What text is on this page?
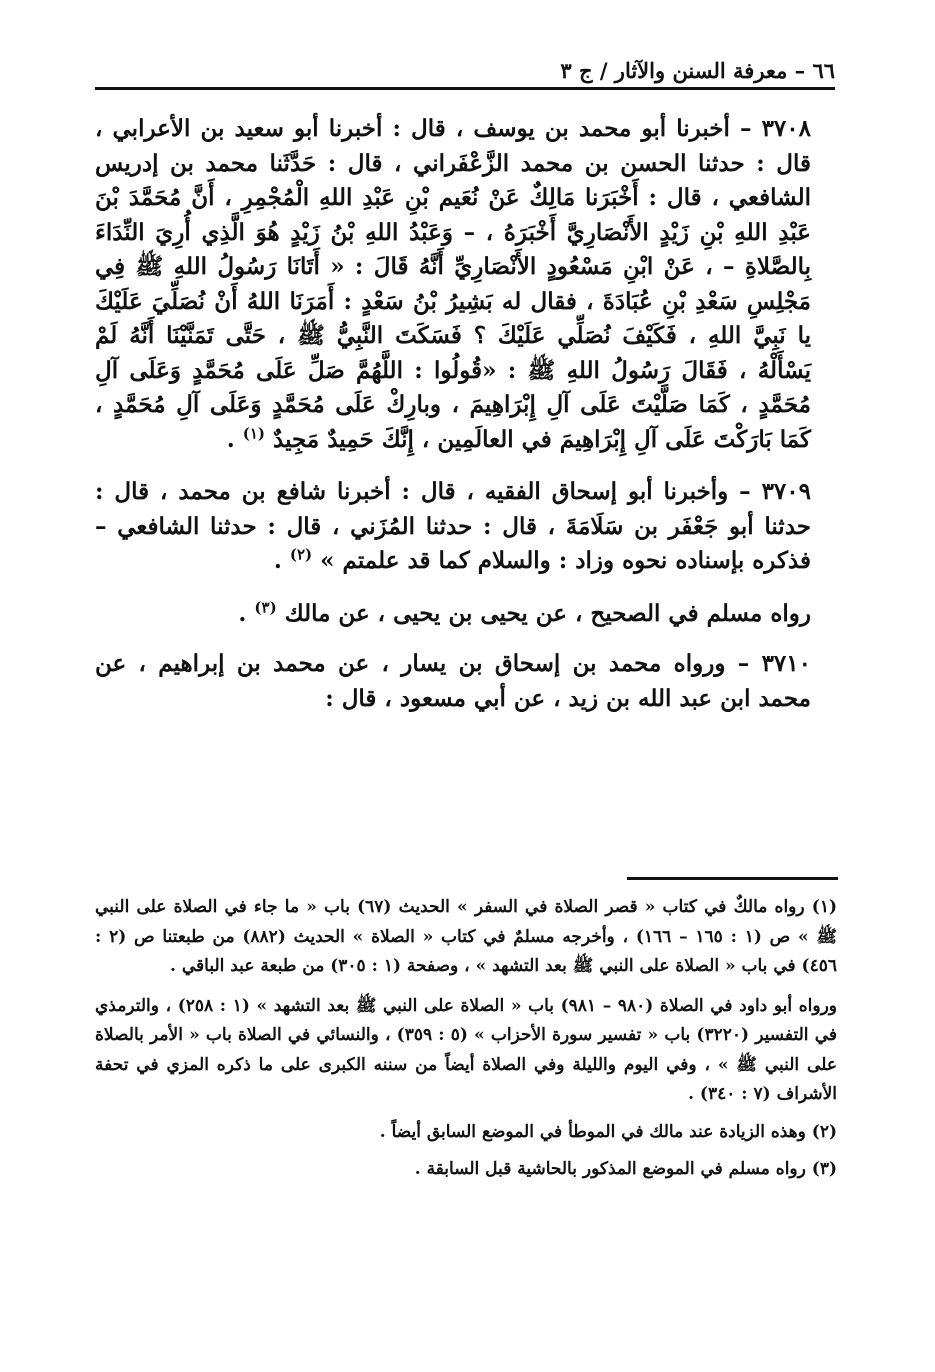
٦٦ – معرفة السنن والآثار / ج ٣

٣٧٠٨ – أخبرنا أبو محمد بن يوسف ، قال : أخبرنا أبو سعيد بن الأعرابي ، قال : حدثنا الحسن بن محمد الزَّعْفَراني ، قال : حَدَّثَنا محمد بن إدريس الشافعي ، قال : أَخْبَرَنا مَالِكٌ عَنْ نُعَيم بْنِ عَبْدِ اللهِ الْمُجْمِرِ ، أَنَّ مُحَمَّدَ بْنَ عَبْدِ اللهِ بْنِ زَيْدٍ الأَنْصَارِيَّ أَخْبَرَهُ ، – وَعَبْدُ اللهِ بْنُ زَيْدٍ هُوَ الَّذِي أُرِيَ النِّدَاءَ بِالصَّلاةِ – ، عَنْ ابْنِ مَسْعُودٍ الأَنْصَارِيِّ أَنَّهُ قَالَ : « أَتَانَا رَسُولُ اللهِ ﷺ فِي مَجْلِسِ سَعْدِ بْنِ عُبَادَةَ ، فقال له بَشِيرُ بْنُ سَعْدٍ : أَمَرَنَا اللهُ أَنْ نُصَلِّيَ عَلَيْكَ يا نَبِيَّ اللهِ ، فَكَيْفَ نُصَلِّي عَلَيْكَ ؟ فَسَكَتَ النَّبِيُّ ﷺ ، حَتَّى تَمَنَّيْنَا أَنَّهُ لَمْ يَسْأَلْهُ ، فَقَالَ رَسُولُ اللهِ ﷺ : «قُولُوا : اللَّهُمَّ صَلِّ عَلَى مُحَمَّدٍ وَعَلَى آلِ مُحَمَّدٍ ، كَمَا صَلَّيْتَ عَلَى آلِ إِبْرَاهِيمَ ، وبارِكْ عَلَى مُحَمَّدٍ وَعَلَى آلِ مُحَمَّدٍ ، كَمَا بَارَكْتَ عَلَى آلِ إِبْرَاهِيمَ في العالَمِين ، إِنَّكَ حَمِيدٌ مَجِيدٌ $^{(١)}$ .

٣٧٠٩ – وأخبرنا أبو إسحاق الفقيه ، قال : أخبرنا شافع بن محمد ، قال : حدثنا أبو جَعْفَر بن سَلَامَةَ ، قال : حدثنا المُزَني ، قال : حدثنا الشافعي – فذكره بإسناده نحوه وزاد : والسلام كما قد علمتم » $^{(٢)}$ .

رواه مسلم في الصحيح ، عن يحيى بن يحيى ، عن مالك $^{(٣)}$ .

٣٧١٠ – ورواه محمد بن إسحاق بن يسار ، عن محمد بن إبراهيم ، عن محمد ابن عبد الله بن زيد ، عن أبي مسعود ، قال :

(١) رواه مالكٌ في كتاب « قصر الصلاة في السفر » الحديث (٦٧) باب « ما جاء في الصلاة على النبي ﷺ » ص (١ : ١٦٥ – ١٦٦) ، وأخرجه مسلمٌ في كتاب « الصلاة » الحديث (٨٨٢) من طبعتنا ص (٢ : ٤٥٦) في باب « الصلاة على النبي ﷺ بعد التشهد » ، وصفحة (١ : ٣٠٥) من طبعة عبد الباقي .

ورواه أبو داود في الصلاة (٩٨٠ – ٩٨١) باب « الصلاة على النبي ﷺ بعد التشهد » (١ : ٢٥٨) ، والترمذي في التفسير (٣٢٢٠) باب « تفسير سورة الأحزاب » (٥ : ٣٥٩) ، والنسائي في الصلاة باب « الأمر بالصلاة على النبي ﷺ » ، وفي اليوم والليلة وفي الصلاة أيضاً من سننه الكبرى على ما ذكره المزي في تحفة الأشراف (٧ : ٣٤٠) .

(٢) وهذه الزيادة عند مالك في الموطأ في الموضع السابق أيضاً .

(٣) رواه مسلم في الموضع المذكور بالحاشية قبل السابقة .
